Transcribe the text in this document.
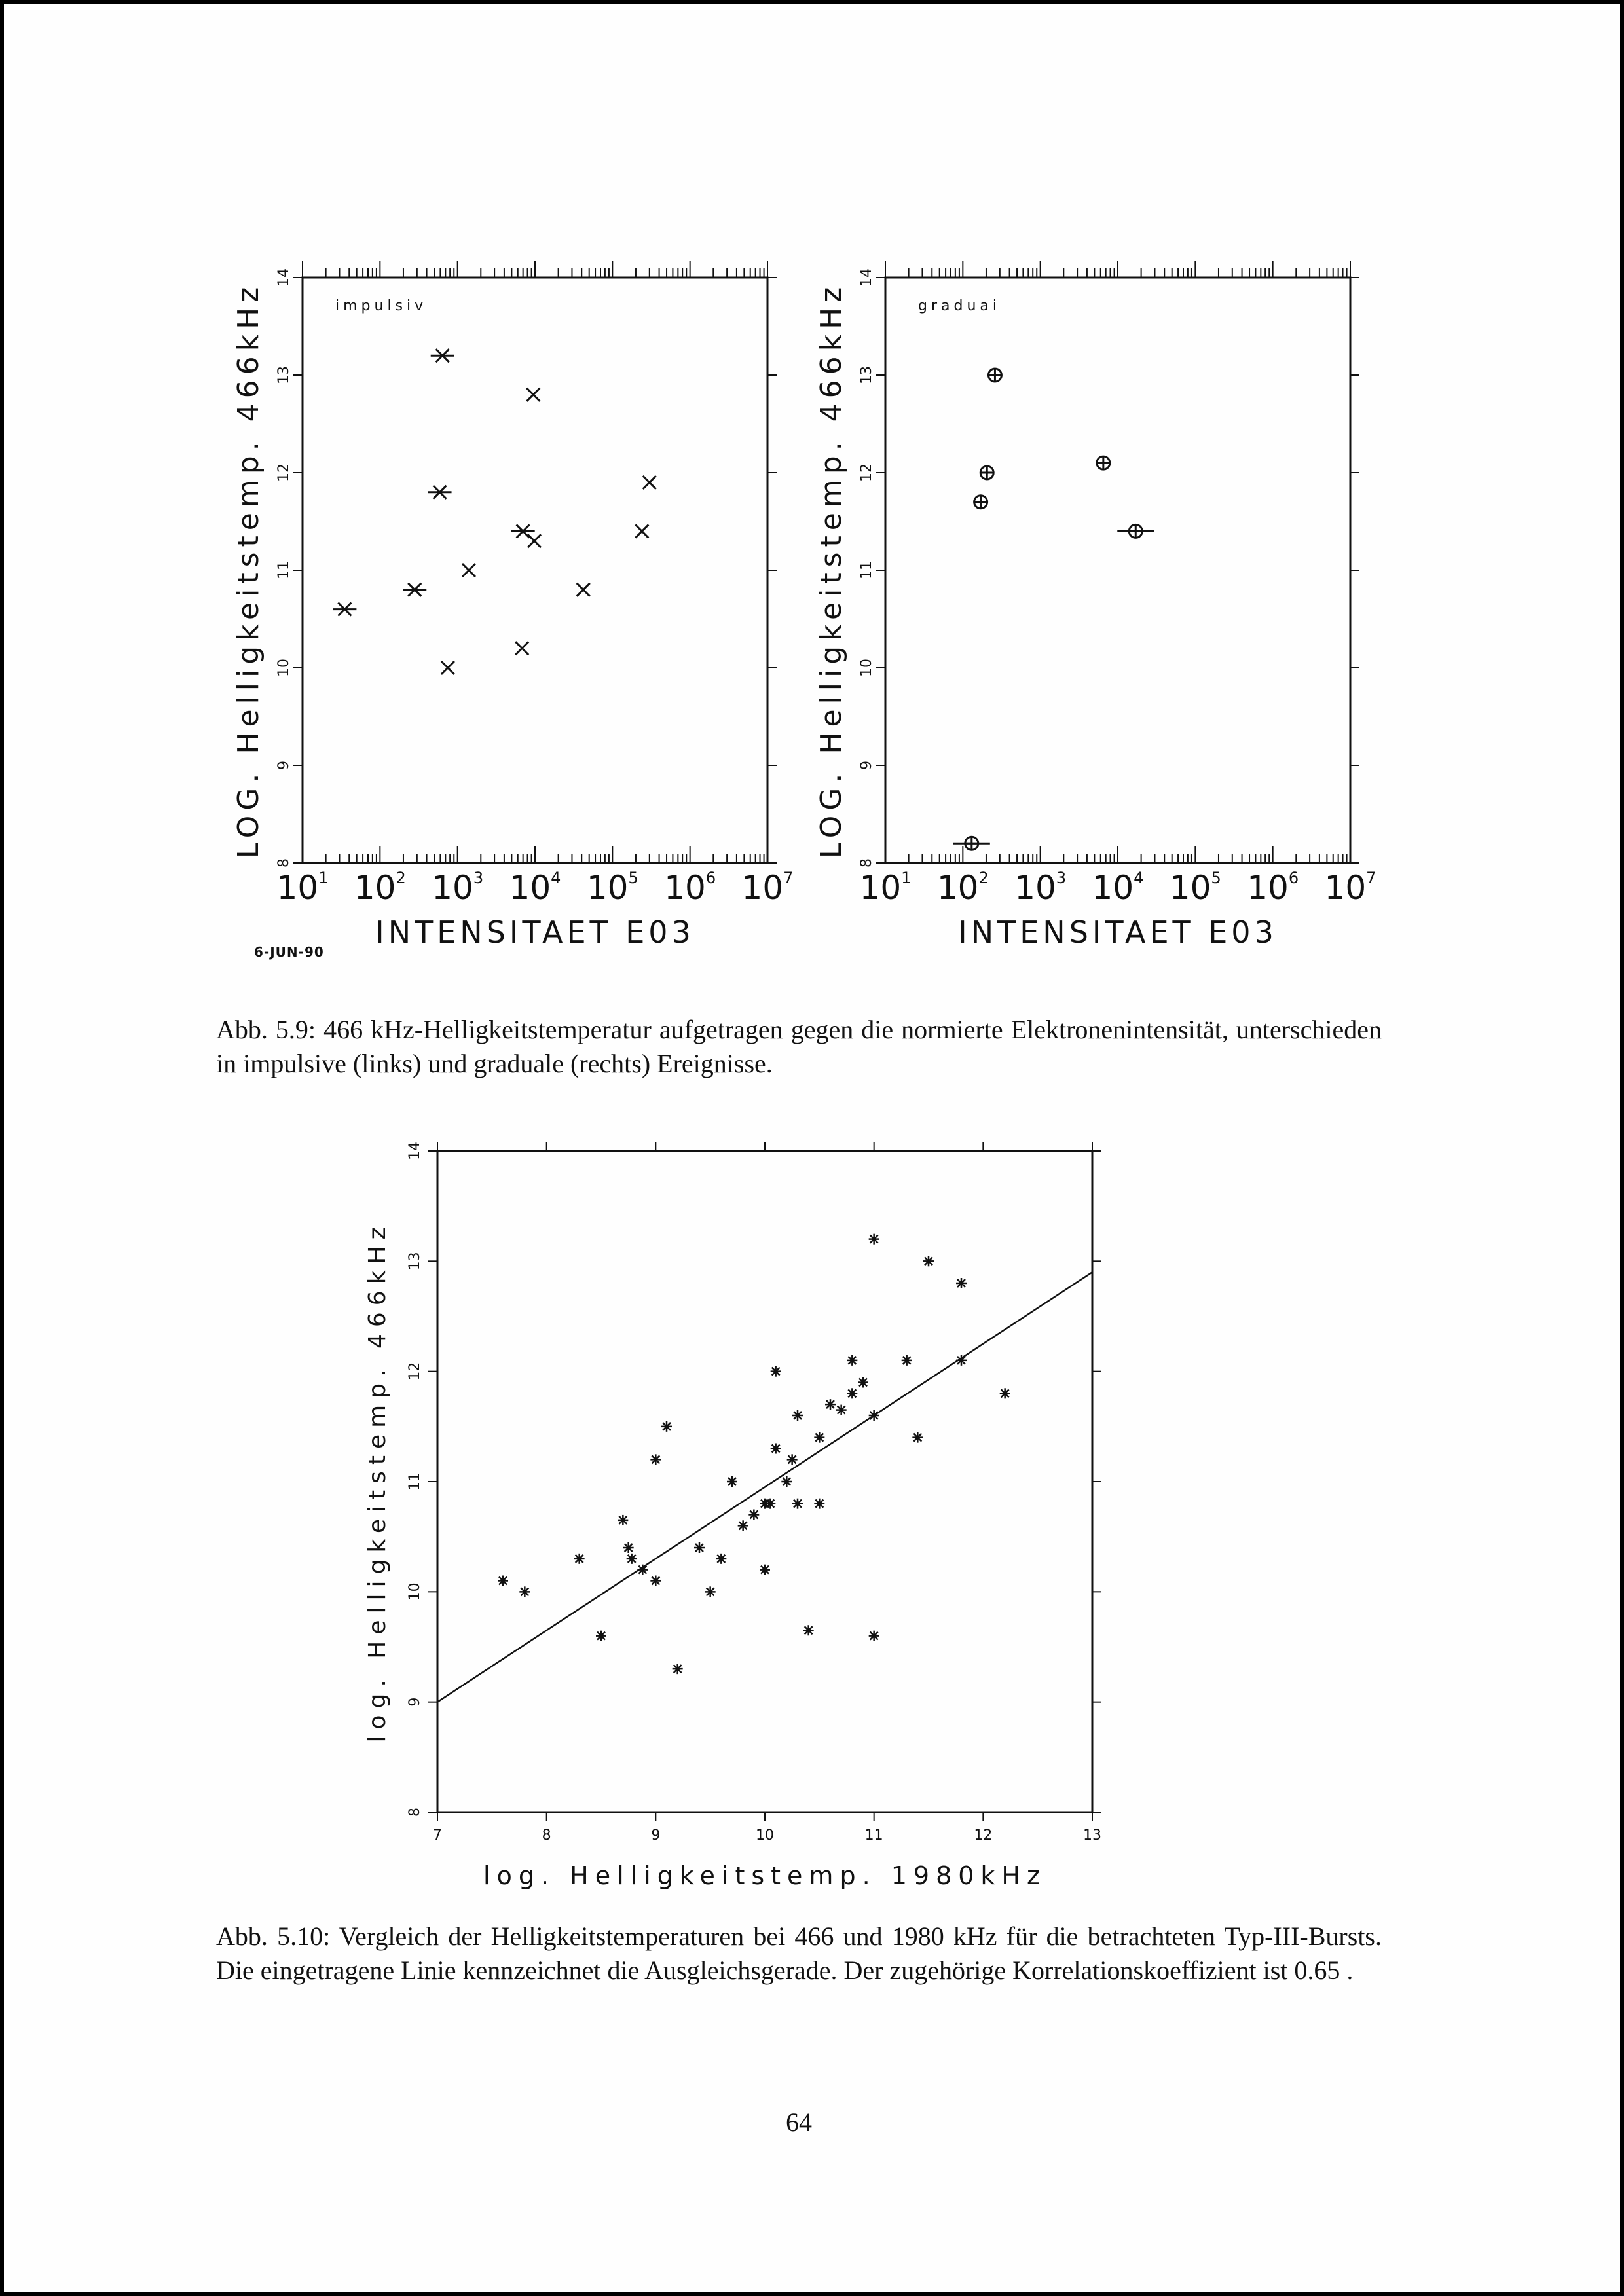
$10^1$ $10^2$ $10^3$ $10^4$ $10^5$ $10^6$ $10^7$
8
9
10
11
12
13
14
INTENSITAET E03
LOG. Helligkeitstemp. 466kHz	impulsiv
$10^1$ $10^2$ $10^3$ $10^4$ $10^5$ $10^6$ $10^7$
8
9
10
11
12
13
14
INTENSITAET E03
LOG. Helligkeitstemp. 466kHz	graduai
6-JUN-90
Abb. 5.9: 466 kHz-Helligkeitstemperatur aufgetragen gegen die normierte Elektronenintensität, unterschieden in impulsive (links) und graduale (rechts) Ereignisse.
7	8	9	10	11	12	13
8
9
10
11
12
13
14
log. Helligkeitstemp. 1980kHz
log. Helligkeitstemp. 466kHz
Abb. 5.10: Vergleich der Helligkeitstemperaturen bei 466 und 1980 kHz für die betrachteten Typ-III-Bursts. Die eingetragene Linie kennzeichnet die Ausgleichsgerade. Der zugehörige Korrelationskoeffizient ist 0.65 .
64
